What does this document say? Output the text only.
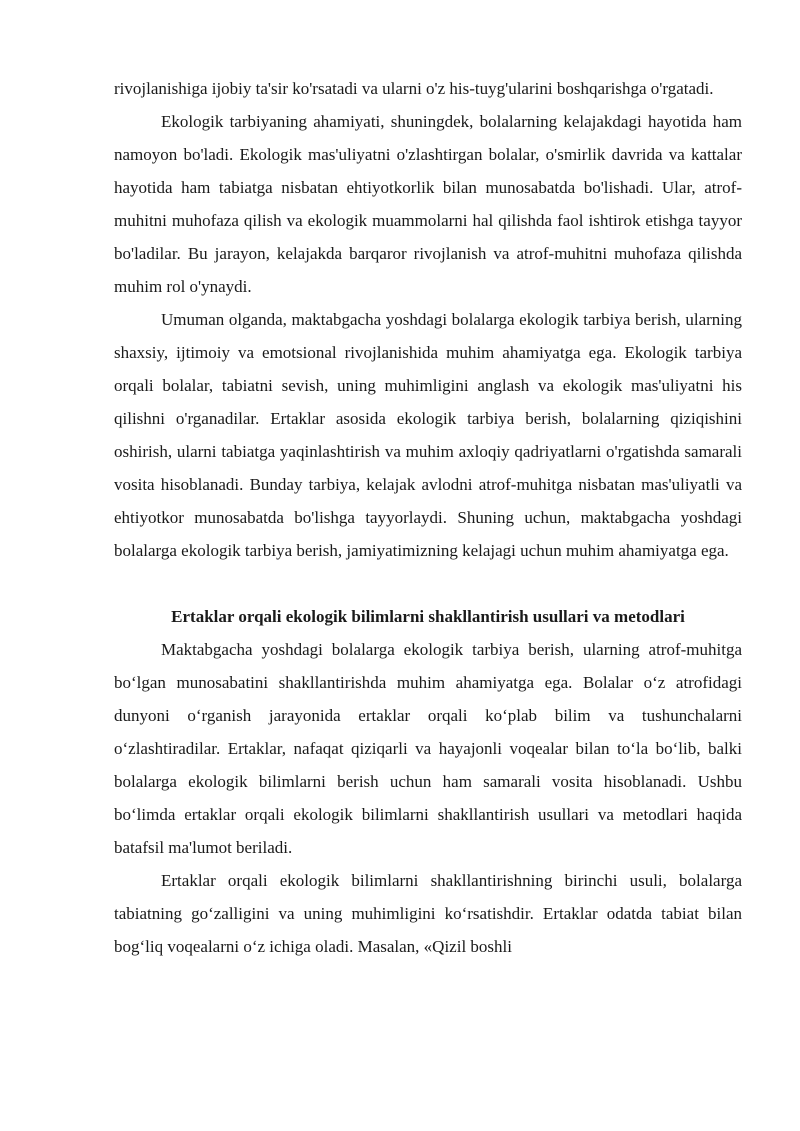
rivojlanishiga ijobiy ta'sir ko'rsatadi va ularni o'z his-tuyg'ularini boshqarishga o'rgatadi.

Ekologik tarbiyaning ahamiyati, shuningdek, bolalarning kelajakdagi hayotida ham namoyon bo'ladi. Ekologik mas'uliyatni o'zlashtirgan bolalar, o'smirlik davrida va kattalar hayotida ham tabiatga nisbatan ehtiyotkorlik bilan munosabatda bo'lishadi. Ular, atrof-muhitni muhofaza qilish va ekologik muammolarni hal qilishda faol ishtirok etishga tayyor bo'ladilar. Bu jarayon, kelajakda barqaror rivojlanish va atrof-muhitni muhofaza qilishda muhim rol o'ynaydi.

Umuman olganda, maktabgacha yoshdagi bolalarga ekologik tarbiya berish, ularning shaxsiy, ijtimoiy va emotsional rivojlanishida muhim ahamiyatga ega. Ekologik tarbiya orqali bolalar, tabiatni sevish, uning muhimligini anglash va ekologik mas'uliyatni his qilishni o'rganadilar. Ertaklar asosida ekologik tarbiya berish, bolalarning qiziqishini oshirish, ularni tabiatga yaqinlashtirish va muhim axloqiy qadriyatlarni o'rgatishda samarali vosita hisoblanadi. Bunday tarbiya, kelajak avlodni atrof-muhitga nisbatan mas'uliyatli va ehtiyotkor munosabatda bo'lishga tayyorlaydi. Shuning uchun, maktabgacha yoshdagi bolalarga ekologik tarbiya berish, jamiyatimizning kelajagi uchun muhim ahamiyatga ega.

Ertaklar orqali ekologik bilimlarni shakllantirish usullari va metodlari

Maktabgacha yoshdagi bolalarga ekologik tarbiya berish, ularning atrof-muhitga bo‘lgan munosabatini shakllantirishda muhim ahamiyatga ega. Bolalar o‘z atrofidagi dunyoni o‘rganish jarayonida ertaklar orqali ko‘plab bilim va tushunchalarni o‘zlashtiradilar. Ertaklar, nafaqat qiziqarli va hayajonli voqealar bilan to‘la bo‘lib, balki bolalarga ekologik bilimlarni berish uchun ham samarali vosita hisoblanadi. Ushbu bo‘limda ertaklar orqali ekologik bilimlarni shakllantirish usullari va metodlari haqida batafsil ma'lumot beriladi.

Ertaklar orqali ekologik bilimlarni shakllantirishning birinchi usuli, bolalarga tabiatning go‘zalligini va uning muhimligini ko‘rsatishdir. Ertaklar odatda tabiat bilan bog‘liq voqealarni o‘z ichiga oladi. Masalan, «Qizil boshli
